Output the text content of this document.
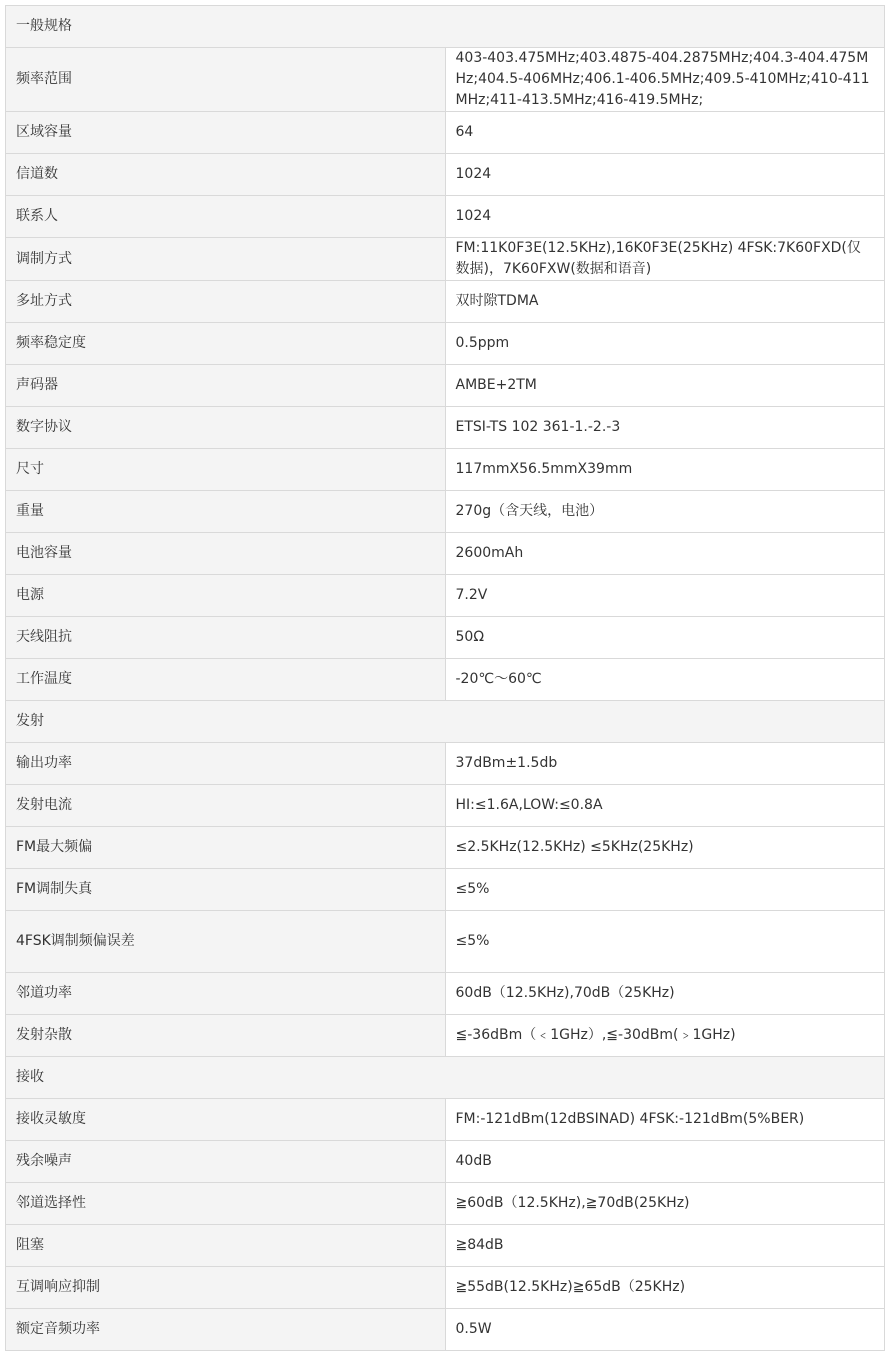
一般规格	
频率范围	403-403.475MHz;403.4875-404.2875MHz;404.3-404.475MHz;404.5-406MHz;406.1-406.5MHz;409.5-410MHz;410-411MHz;411-413.5MHz;416-419.5MHz;
区域容量	64
信道数	1024
联系人	1024
调制方式	FM:11K0F3E(12.5KHz),16K0F3E(25KHz) 4FSK:7K60FXD(仅数据)，7K60FXW(数据和语音)
多址方式	双时隙TDMA
频率稳定度	0.5ppm
声码器	AMBE+2TM
数字协议	ETSI-TS 102 361-1.-2.-3
尺寸	117mmX56.5mmX39mm
重量	270g（含天线，电池）
电池容量	2600mAh
电源	7.2V
天线阻抗	50Ω
工作温度	-20℃～60℃
发射	
输出功率	37dBm±1.5db
发射电流	HI:≤1.6A,LOW:≤0.8A
FM最大频偏	≤2.5KHz(12.5KHz) ≤5KHz(25KHz)
FM调制失真	≤5%
4FSK调制频偏误差	≤5%
邻道功率	60dB（12.5KHz),70dB（25KHz)
发射杂散	≦-36dBm（﹤1GHz）,≦-30dBm(﹥1GHz)
接收	
接收灵敏度	FM:-121dBm(12dBSINAD) 4FSK:-121dBm(5%BER)
残余噪声	40dB
邻道选择性	≧60dB（12.5KHz),≧70dB(25KHz)
阻塞	≧84dB
互调响应抑制	≧55dB(12.5KHz)≧65dB（25KHz)
额定音频功率	0.5W
